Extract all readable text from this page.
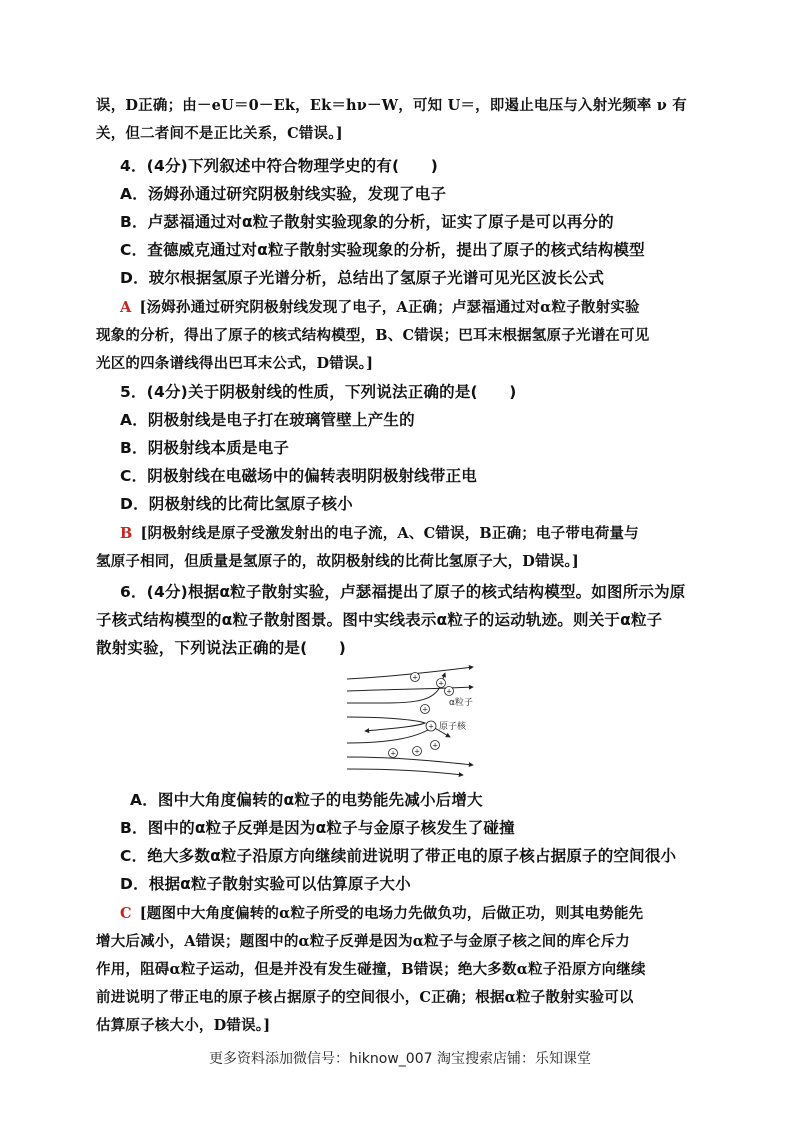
误，D正确；由－eU＝0－Ek，Ek＝hν－W，可知 U＝，即遏止电压与入射光频率 ν 有
关，但二者间不是正比关系，C错误。]
4．(4分)下列叙述中符合物理学史的有(　　)
A．汤姆孙通过研究阴极射线实验，发现了电子
B．卢瑟福通过对α粒子散射实验现象的分析，证实了原子是可以再分的
C．查德威克通过对α粒子散射实验现象的分析，提出了原子的核式结构模型
D．玻尔根据氢原子光谱分析，总结出了氢原子光谱可见光区波长公式
A [汤姆孙通过研究阴极射线发现了电子，A正确；卢瑟福通过对α粒子散射实验
现象的分析，得出了原子的核式结构模型，B、C错误；巴耳末根据氢原子光谱在可见
光区的四条谱线得出巴耳末公式，D错误。]
5．(4分)关于阴极射线的性质，下列说法正确的是(　　)
A．阴极射线是电子打在玻璃管壁上产生的
B．阴极射线本质是电子
C．阴极射线在电磁场中的偏转表明阴极射线带正电
D．阴极射线的比荷比氢原子核小
B [阴极射线是原子受激发射出的电子流，A、C错误，B正确；电子带电荷量与
氢原子相同，但质量是氢原子的，故阴极射线的比荷比氢原子大，D错误。]
6．(4分)根据α粒子散射实验，卢瑟福提出了原子的核式结构模型。如图所示为原
子核式结构模型的α粒子散射图景。图中实线表示α粒子的运动轨迹。则关于α粒子
散射实验，下列说法正确的是(　　)
+
+
+
+
+
+	+
+
α粒子
原子核
A．图中大角度偏转的α粒子的电势能先减小后增大
B．图中的α粒子反弹是因为α粒子与金原子核发生了碰撞
C．绝大多数α粒子沿原方向继续前进说明了带正电的原子核占据原子的空间很小
D．根据α粒子散射实验可以估算原子大小
C [题图中大角度偏转的α粒子所受的电场力先做负功，后做正功，则其电势能先
增大后减小，A错误；题图中的α粒子反弹是因为α粒子与金原子核之间的库仑斥力
作用，阻碍α粒子运动，但是并没有发生碰撞，B错误；绝大多数α粒子沿原方向继续
前进说明了带正电的原子核占据原子的空间很小，C正确；根据α粒子散射实验可以
估算原子核大小，D错误。]
更多资料添加微信号：hiknow_007 淘宝搜索店铺：乐知课堂
